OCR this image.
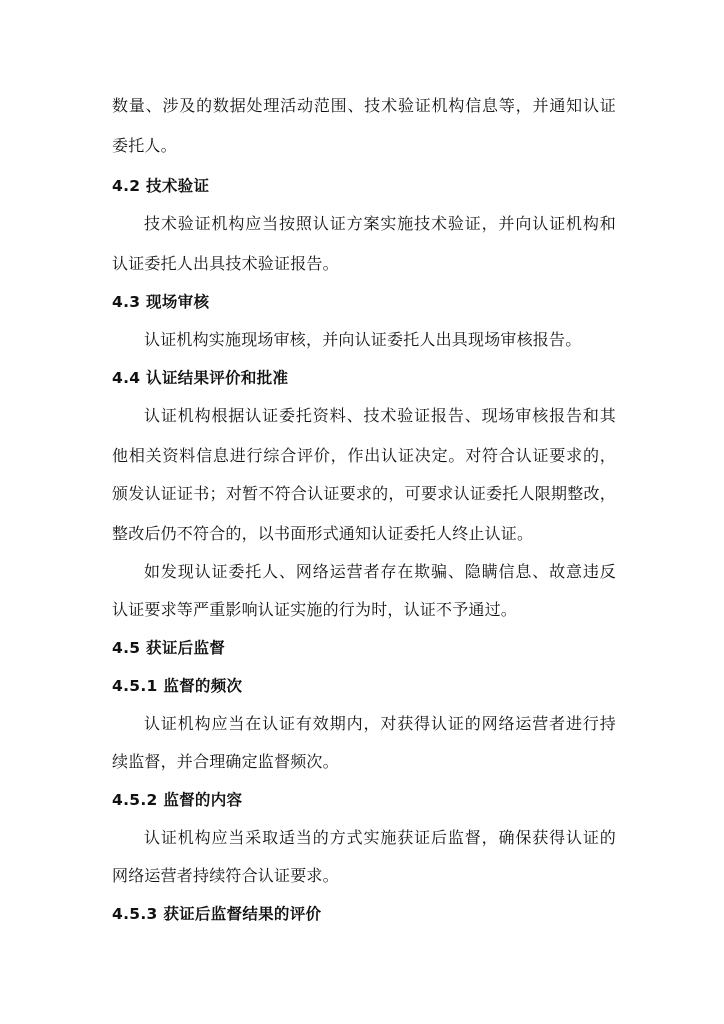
数量、涉及的数据处理活动范围、技术验证机构信息等，并通知认证
委托人。
4.2 技术验证
技术验证机构应当按照认证方案实施技术验证，并向认证机构和
认证委托人出具技术验证报告。
4.3 现场审核
认证机构实施现场审核，并向认证委托人出具现场审核报告。
4.4 认证结果评价和批准
认证机构根据认证委托资料、技术验证报告、现场审核报告和其
他相关资料信息进行综合评价，作出认证决定。对符合认证要求的，
颁发认证证书；对暂不符合认证要求的，可要求认证委托人限期整改，
整改后仍不符合的，以书面形式通知认证委托人终止认证。
如发现认证委托人、网络运营者存在欺骗、隐瞒信息、故意违反
认证要求等严重影响认证实施的行为时，认证不予通过。
4.5 获证后监督
4.5.1 监督的频次
认证机构应当在认证有效期内，对获得认证的网络运营者进行持
续监督，并合理确定监督频次。
4.5.2 监督的内容
认证机构应当采取适当的方式实施获证后监督，确保获得认证的
网络运营者持续符合认证要求。
4.5.3 获证后监督结果的评价
